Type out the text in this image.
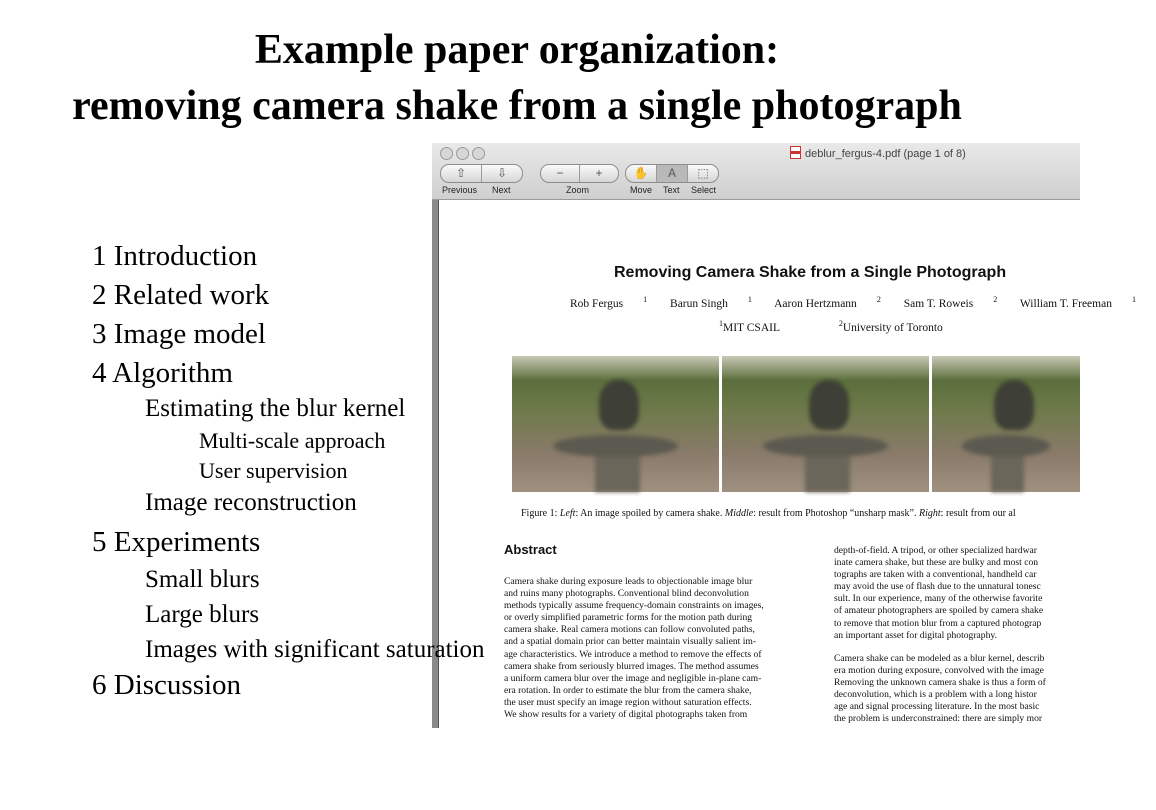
Example paper organization:
removing camera shake from a single photograph
deblur_fergus-4.pdf (page 1 of 8)
⇧	⇩	−	+	✋	A	⬚
Previous Next	Zoom	Move Text Select
Removing Camera Shake from a Single Photograph
Rob Fergus	$^1$ Barun Singh	$^1$ Aaron Hertzmann	$^2$ Sam T. Roweis	$^2$ William T. Freeman	$^1$
$^1$MIT CSAIL	$^2$University of Toronto
Figure 1: Left: An image spoiled by camera shake. Middle: result from Photoshop “unsharp mask”. Right: result from our al
Abstract
Camera shake during exposure leads to objectionable image blur
and ruins many photographs. Conventional blind deconvolution
methods typically assume frequency-domain constraints on images,
or overly simplified parametric forms for the motion path during
camera shake. Real camera motions can follow convoluted paths,
and a spatial domain prior can better maintain visually salient im-
age characteristics. We introduce a method to remove the effects of
camera shake from seriously blurred images. The method assumes
a uniform camera blur over the image and negligible in-plane cam-
era rotation. In order to estimate the blur from the camera shake,
the user must specify an image region without saturation effects.
We show results for a variety of digital photographs taken from
depth-of-field. A tripod, or other specialized hardwar
inate camera shake, but these are bulky and most con
tographs are taken with a conventional, handheld car
may avoid the use of flash due to the unnatural tonesc
sult. In our experience, many of the otherwise favorite
of amateur photographers are spoiled by camera shake
to remove that motion blur from a captured photograp
an important asset for digital photography.
Camera shake can be modeled as a blur kernel, describ
era motion during exposure, convolved with the image
Removing the unknown camera shake is thus a form of
deconvolution, which is a problem with a long histor
age and signal processing literature. In the most basic
the problem is underconstrained: there are simply mor
1 Introduction
2 Related work
3 Image model
4 Algorithm
Estimating the blur kernel
Multi-scale approach
User supervision
Image reconstruction
5 Experiments
Small blurs
Large blurs
Images with significant saturation
6 Discussion
